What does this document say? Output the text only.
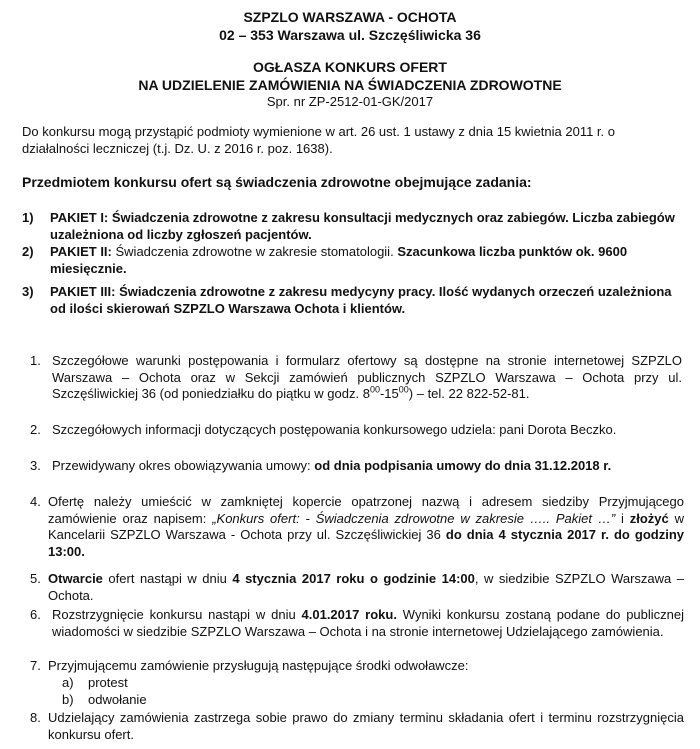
SZPZLO WARSZAWA - OCHOTA
02 – 353 Warszawa ul. Szczęśliwicka 36
OGŁASZA KONKURS OFERT
NA UDZIELENIE ZAMÓWIENIA NA ŚWIADCZENIA ZDROWOTNE
Spr. nr ZP-2512-01-GK/2017
Do konkursu mogą przystąpić podmioty wymienione w art. 26 ust. 1 ustawy z dnia 15 kwietnia 2011 r. o działalności leczniczej (t.j. Dz. U. z 2016 r. poz. 1638).
Przedmiotem konkursu ofert są świadczenia zdrowotne obejmujące zadania:
1) PAKIET I: Świadczenia zdrowotne z zakresu konsultacji medycznych oraz zabiegów. Liczba zabiegów uzależniona od liczby zgłoszeń pacjentów.
2) PAKIET II: Świadczenia zdrowotne w zakresie stomatologii. Szacunkowa liczba punktów ok. 9600 miesięcznie.
3) PAKIET III: Świadczenia zdrowotne z zakresu medycyny pracy. Ilość wydanych orzeczeń uzależniona od ilości skierowań SZPZLO Warszawa Ochota i klientów.
1. Szczegółowe warunki postępowania i formularz ofertowy są dostępne na stronie internetowej SZPZLO Warszawa – Ochota oraz w Sekcji zamówień publicznych SZPZLO Warszawa – Ochota przy ul. Szczęśliwickiej 36 (od poniedziałku do piątku w godz. $8^{00}-15^{00}$) – tel. 22 822-52-81.
2. Szczegółowych informacji dotyczących postępowania konkursowego udziela: pani Dorota Beczko.
3. Przewidywany okres obowiązywania umowy: od dnia podpisania umowy do dnia 31.12.2018 r.
4. Ofertę należy umieścić w zamkniętej kopercie opatrzonej nazwą i adresem siedziby Przyjmującego zamówienie oraz napisem: „Konkurs ofert: - Świadczenia zdrowotne w zakresie ….. Pakiet …” i złożyć w Kancelarii SZPZLO Warszawa - Ochota przy ul. Szczęśliwickiej 36 do dnia 4 stycznia 2017 r. do godziny 13:00.
5. Otwarcie ofert nastąpi w dniu 4 stycznia 2017 roku o godzinie 14:00, w siedzibie SZPZLO Warszawa – Ochota.
6. Rozstrzygnięcie konkursu nastąpi w dniu 4.01.2017 roku. Wyniki konkursu zostaną podane do publicznej wiadomości w siedzibie SZPZLO Warszawa – Ochota i na stronie internetowej Udzielającego zamówienia.
7. Przyjmującemu zamówienie przysługują następujące środki odwoławcze:
a) protest
b) odwołanie
8. Udzielający zamówienia zastrzega sobie prawo do zmiany terminu składania ofert i terminu rozstrzygnięcia konkursu ofert.
